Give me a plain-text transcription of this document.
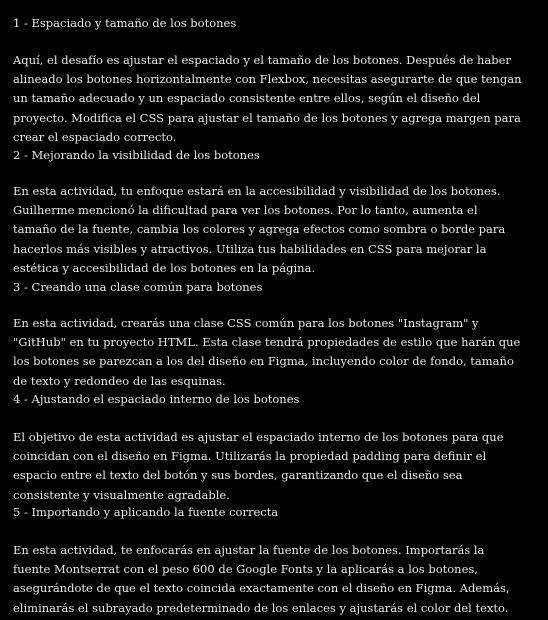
1 - Espaciado y tamaño de los botones
Aquí, el desafío es ajustar el espaciado y el tamaño de los botones. Después de haber alineado los botones horizontalmente con Flexbox, necesitas asegurarte de que tengan un tamaño adecuado y un espaciado consistente entre ellos, según el diseño del proyecto. Modifica el CSS para ajustar el tamaño de los botones y agrega margen para crear el espaciado correcto.
2 - Mejorando la visibilidad de los botones
En esta actividad, tu enfoque estará en la accesibilidad y visibilidad de los botones. Guilherme mencionó la dificultad para ver los botones. Por lo tanto, aumenta el tamaño de la fuente, cambia los colores y agrega efectos como sombra o borde para hacerlos más visibles y atractivos. Utiliza tus habilidades en CSS para mejorar la estética y accesibilidad de los botones en la página.
3 - Creando una clase común para botones
En esta actividad, crearás una clase CSS común para los botones "Instagram" y "GitHub" en tu proyecto HTML. Esta clase tendrá propiedades de estilo que harán que los botones se parezcan a los del diseño en Figma, incluyendo color de fondo, tamaño de texto y redondeo de las esquinas.
4 - Ajustando el espaciado interno de los botones
El objetivo de esta actividad es ajustar el espaciado interno de los botones para que coincidan con el diseño en Figma. Utilizarás la propiedad padding para definir el espacio entre el texto del botón y sus bordes, garantizando que el diseño sea consistente y visualmente agradable.
5 - Importando y aplicando la fuente correcta
En esta actividad, te enfocarás en ajustar la fuente de los botones. Importarás la fuente Montserrat con el peso 600 de Google Fonts y la aplicarás a los botones, asegurándote de que el texto coincida exactamente con el diseño en Figma. Además, eliminarás el subrayado predeterminado de los enlaces y ajustarás el color del texto.
